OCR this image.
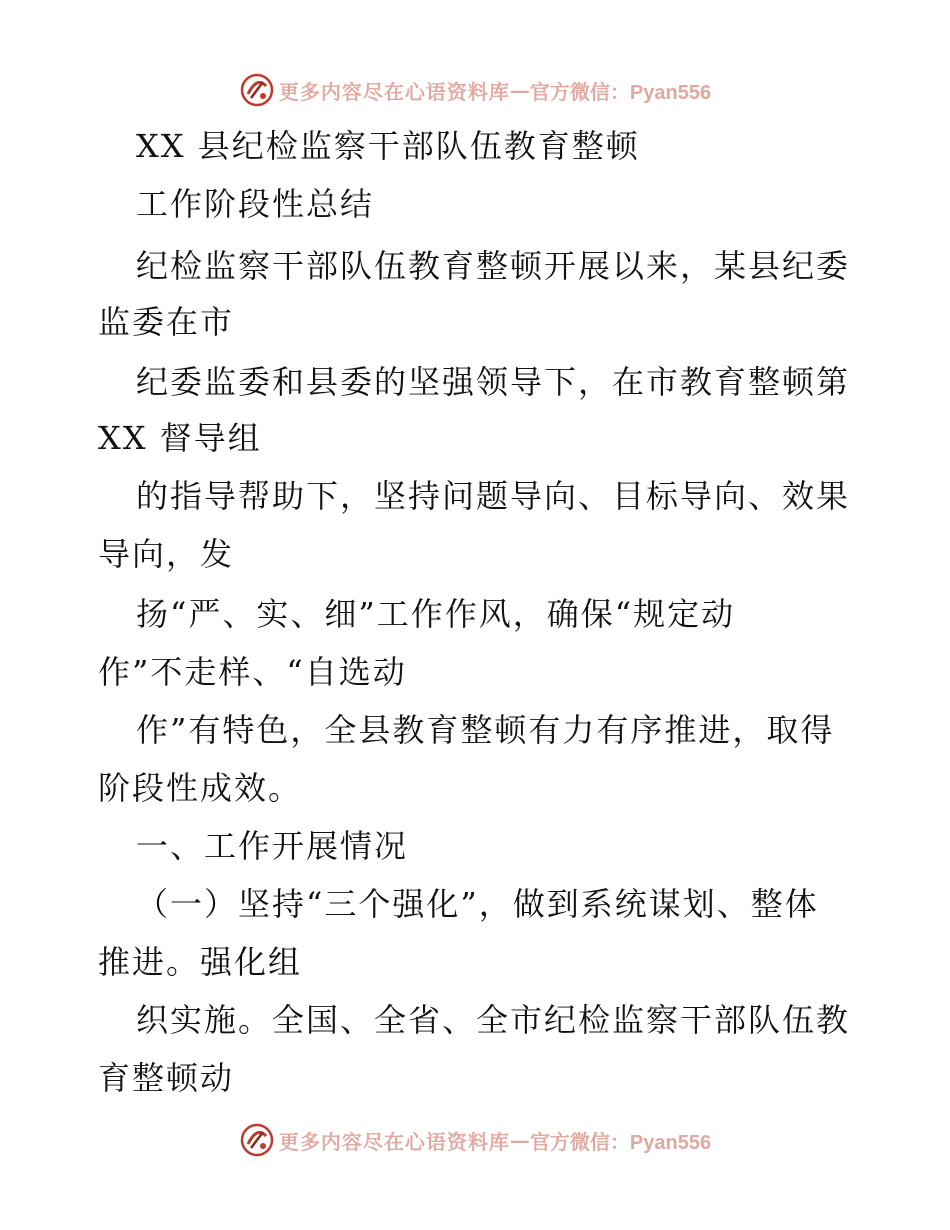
更多内容尽在心语资料库 — 官方微信：Pyan556
XX 县纪检监察干部队伍教育整顿
工作阶段性总结
纪检监察干部队伍教育整顿开展以来，某县纪委
监委在市
纪委监委和县委的坚强领导下，在市教育整顿第
XX 督导组
的指导帮助下，坚持问题导向、目标导向、效果
导向，发
扬“严、实、细”工作作风，确保“规定动
作”不走样、“自选动
作”有特色，全县教育整顿有力有序推进，取得
阶段性成效。
一、工作开展情况
（一）坚持“三个强化”，做到系统谋划、整体
推进。强化组
织实施。全国、全省、全市纪检监察干部队伍教
育整顿动
更多内容尽在心语资料库 — 官方微信：Pyan556
